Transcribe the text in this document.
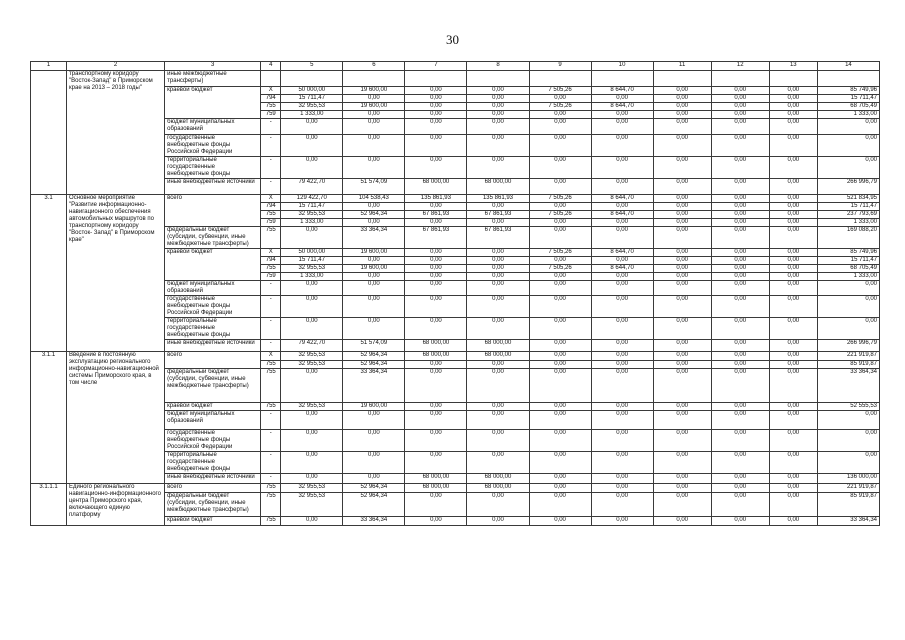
30
1	2	3	4	5	6	7	8	9	10	11	12	13	14
	транспортному коридору "Восток-Запад" в Приморском крае на 2013 – 2018 годы"	иные межбюджетные трансферты)											
		краевой бюджет	X	50 000,00	19 600,00	0,00	0,00	7 505,26	8 644,70	0,00	0,00	0,00	85 749,96
			794	15 711,47	0,00	0,00	0,00	0,00	0,00	0,00	0,00	0,00	15 711,47
			755	32 955,53	19 600,00	0,00	0,00	7 505,26	8 644,70	0,00	0,00	0,00	68 705,49
			759	1 333,00	0,00	0,00	0,00	0,00	0,00	0,00	0,00	0,00	1 333,00
		бюджет муниципальных образований	-	0,00	0,00	0,00	0,00	0,00	0,00	0,00	0,00	0,00	0,00
		государственные внебюджетные фонды Российской Федерации	-	0,00	0,00	0,00	0,00	0,00	0,00	0,00	0,00	0,00	0,00
		территориальные государственные внебюджетные фонды	-	0,00	0,00	0,00	0,00	0,00	0,00	0,00	0,00	0,00	0,00
		иные внебюджетные источники	-	79 422,70	51 574,09	68 000,00	68 000,00	0,00	0,00	0,00	0,00	0,00	266 996,79
3.1	Основное мероприятие "Развитие информационно-навигационного обеспечения автомобильных маршрутов по транспортному коридору "Восток- Запад" в Приморском крае"	всего	X	129 422,70	104 538,43	135 861,93	135 861,93	7 505,26	8 644,70	0,00	0,00	0,00	521 834,95
			794	15 711,47	0,00	0,00	0,00	0,00	0,00	0,00	0,00	0,00	15 711,47
			755	32 955,53	52 964,34	67 861,93	67 861,93	7 505,26	8 644,70	0,00	0,00	0,00	237 793,69
			759	1 333,00	0,00	0,00	0,00	0,00	0,00	0,00	0,00	0,00	1 333,00
		федеральный бюджет (субсидии, субвенции, иные межбюджетные трансферты)	755	0,00	33 364,34	67 861,93	67 861,93	0,00	0,00	0,00	0,00	0,00	169 088,20
		краевой бюджет	X	50 000,00	19 600,00	0,00	0,00	7 505,26	8 644,70	0,00	0,00	0,00	85 749,96
			794	15 711,47	0,00	0,00	0,00	0,00	0,00	0,00	0,00	0,00	15 711,47
			755	32 955,53	19 600,00	0,00	0,00	7 505,26	8 644,70	0,00	0,00	0,00	68 705,49
			759	1 333,00	0,00	0,00	0,00	0,00	0,00	0,00	0,00	0,00	1 333,00
		бюджет муниципальных образований	-	0,00	0,00	0,00	0,00	0,00	0,00	0,00	0,00	0,00	0,00
		государственные внебюджетные фонды Российской Федерации	-	0,00	0,00	0,00	0,00	0,00	0,00	0,00	0,00	0,00	0,00
		территориальные государственные внебюджетные фонды	-	0,00	0,00	0,00	0,00	0,00	0,00	0,00	0,00	0,00	0,00
		иные внебюджетные источники	-	79 422,70	51 574,09	68 000,00	68 000,00	0,00	0,00	0,00	0,00	0,00	266 996,79
3.1.1	Введение в постоянную эксплуатацию регионального информационно-навигационной системы Приморского края, в том числе	всего	X	32 955,53	52 964,34	68 000,00	68 000,00	0,00	0,00	0,00	0,00	0,00	221 919,87
			755	32 955,53	52 964,34	0,00	0,00	0,00	0,00	0,00	0,00	0,00	85 919,87
		федеральный бюджет (субсидии, субвенции, иные межбюджетные трансферты)	755	0,00	33 364,34	0,00	0,00	0,00	0,00	0,00	0,00	0,00	33 364,34
		краевой бюджет	755	32 955,53	19 600,00	0,00	0,00	0,00	0,00	0,00	0,00	0,00	52 555,53
		бюджет муниципальных образований	-	0,00	0,00	0,00	0,00	0,00	0,00	0,00	0,00	0,00	0,00
		государственные внебюджетные фонды Российской Федерации	-	0,00	0,00	0,00	0,00	0,00	0,00	0,00	0,00	0,00	0,00
		территориальные государственные внебюджетные фонды	-	0,00	0,00	0,00	0,00	0,00	0,00	0,00	0,00	0,00	0,00
		иные внебюджетные источники	-	0,00	0,00	68 000,00	68 000,00	0,00	0,00	0,00	0,00	0,00	136 000,00
3.1.1.1	Единого регионального навигационно-информационного центра Приморского края, включающего единую платформу	всего	755	32 955,53	52 964,34	68 000,00	68 000,00	0,00	0,00	0,00	0,00	0,00	221 919,87
		федеральный бюджет (субсидии, субвенции, иные межбюджетные трансферты)	755	32 955,53	52 964,34	0,00	0,00	0,00	0,00	0,00	0,00	0,00	85 919,87
		краевой бюджет	755	0,00	33 364,34	0,00	0,00	0,00	0,00	0,00	0,00	0,00	33 364,34
